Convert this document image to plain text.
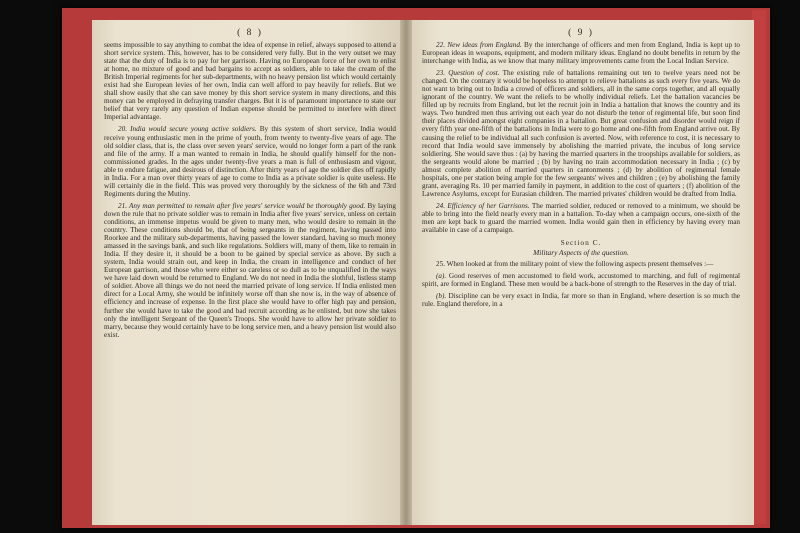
( 8 )

seems impossible to say anything to combat the idea of expense in relief, always supposed to attend a short service system. This, however, has to be considered very fully. But in the very outset we may state that the duty of India is to pay for her garrison. Having no European force of her own to enlist at home, no mixture of good and bad bargains to accept as soldiers, able to take the cream of the British Imperial regiments for her sub-departments, with no heavy pension list which would certainly exist had she European levies of her own, India can well afford to pay heavily for reliefs. But we shall show easily that she can save money by this short service system in many directions, and this money can be employed in defraying transfer charges. But it is of paramount importance to state our belief that very rarely any question of Indian expense should be permitted to interfere with direct Imperial advantage.

20. India would secure young active soldiers. By this system of short service, India would receive young enthusiastic men in the prime of youth, from twenty to twenty-five years of age. The old soldier class, that is, the class over seven years' service, would no longer form a part of the rank and file of the army. If a man wanted to remain in India, he should qualify himself for the non-commissioned grades. In the ages under twenty-five years a man is full of enthusiasm and vigour, able to endure fatigue, and desirous of distinction. After thirty years of age the soldier dies off rapidly in India. For a man over thirty years of age to come to India as a private soldier is quite useless. He will certainly die in the field. This was proved very thoroughly by the sickness of the 6th and 73rd Regiments during the Mutiny.

21. Any man permitted to remain after five years' service would be thoroughly good. By laying down the rule that no private soldier was to remain in India after five years' service, unless on certain conditions, an immense impetus would be given to many men, who would desire to remain in the country. These conditions should be, that of being sergeants in the regiment, having passed into Roorkee and the military sub-departments, having passed the lower standard, having so much money amassed in the savings bank, and such like regulations. Soldiers will, many of them, like to remain in India. If they desire it, it should be a boon to be gained by special service as above. By such a system, India would strain out, and keep in India, the cream in intelligence and conduct of her European garrison, and those who were either so careless or so dull as to be unqualified in the ways we have laid down would be returned to England. We do not need in India the slothful, listless stamp of soldier. Above all things we do not need the married private of long service. If India enlisted men direct for a Local Army, she would be infinitely worse off than she now is, in the way of absence of efficiency and increase of expense. In the first place she would have to offer high pay and pension, further she would have to take the good and bad recruit according as he enlisted, but now she takes only the intelligent Sergeant of the Queen's Troops. She would have to allow her private soldier to marry, because they would certainly have to be long service men, and a heavy pension list would also exist.

( 9 )

22. New ideas from England. By the interchange of officers and men from England, India is kept up to European ideas in weapons, equipment, and modern military ideas. England no doubt benefits in return by the interchange with India, as we know that many military improvements came from the Local Indian Service.

23. Question of cost. The existing rule of battalions remaining out ten to twelve years need not be changed. On the contrary it would be hopeless to attempt to relieve battalions as such every five years. We do not want to bring out to India a crowd of officers and soldiers, all in the same corps together, and all equally ignorant of the country. We want the reliefs to be wholly individual reliefs. Let the battalion vacancies be filled up by recruits from England, but let the recruit join in India a battalion that knows the country and its ways. Two hundred men thus arriving out each year do not disturb the tenor of regimental life, but soon find their places divided amongst eight companies in a battalion. But great confusion and disorder would reign if every fifth year one-fifth of the battalions in India were to go home and one-fifth from England arrive out. By causing the relief to be individual all such confusion is averted. Now, with reference to cost, it is necessary to record that India would save immensely by abolishing the married private, the incubus of long service soldiering. She would save thus : (a) by having the married quarters in the troopships available for soldiers, as the sergeants would alone be married ; (b) by having no train accommodation necessary in India ; (c) by almost complete abolition of married quarters in cantonments ; (d) by abolition of regimental female hospitals, one per station being ample for the few sergeants' wives and children ; (e) by abolishing the family grant, averaging Rs. 10 per married family in payment, in addition to the cost of quarters ; (f) abolition of the Lawrence Asylums, except for Eurasian children. The married privates' children would be drafted from India.

24. Efficiency of her Garrisons. The married soldier, reduced or removed to a minimum, we should be able to bring into the field nearly every man in a battalion. To-day when a campaign occurs, one-sixth of the men are kept back to guard the married women. India would gain then in efficiency by having every man available in case of a campaign.

Section C.
Military Aspects of the question.

25. When looked at from the military point of view the following aspects present themselves :—

(a). Good reserves of men accustomed to field work, accustomed to marching, and full of regimental spirit, are formed in England. These men would be a back-bone of strength to the Reserves in the day of trial.

(b). Discipline can be very exact in India, far more so than in England, where desertion is so much the rule. England therefore, in a
